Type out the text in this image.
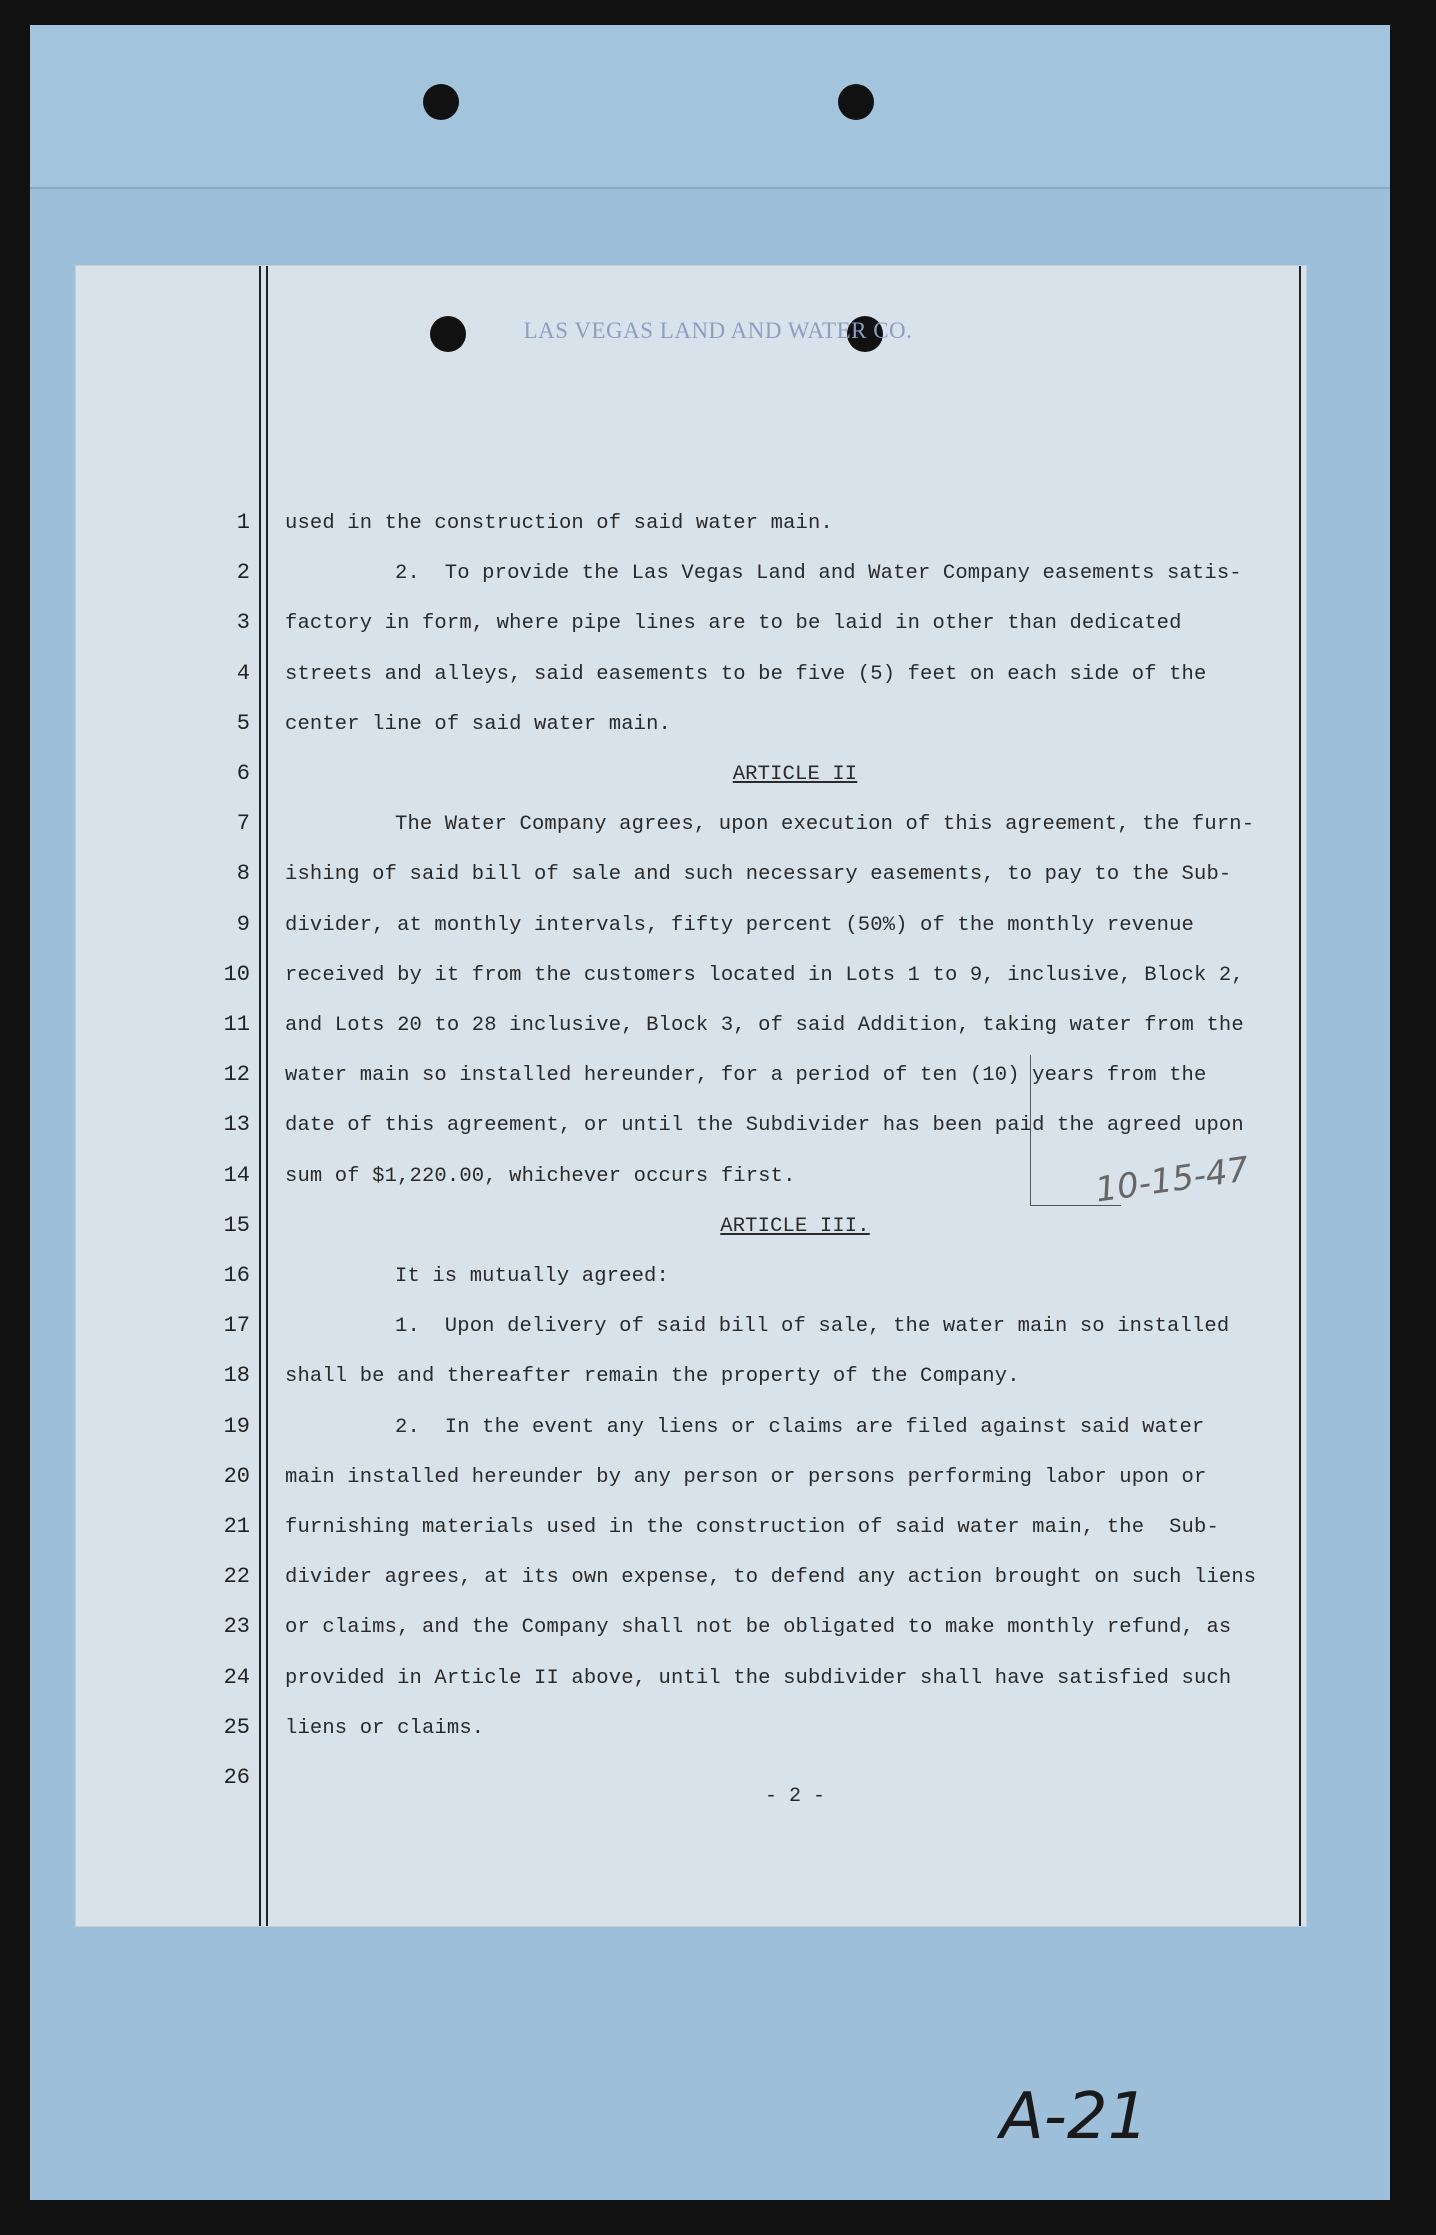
LAS VEGAS LAND AND WATER CO.
1
2
3
4
5
6
7
8
9
10
11
12
13
14
15
16
17
18
19
20
21
22
23
24
25
26
used in the construction of said water main.
2.  To provide the Las Vegas Land and Water Company easements satis-
factory in form, where pipe lines are to be laid in other than dedicated
streets and alleys, said easements to be five (5) feet on each side of the
center line of said water main.
ARTICLE II
The Water Company agrees, upon execution of this agreement, the furn-
ishing of said bill of sale and such necessary easements, to pay to the Sub-
divider, at monthly intervals, fifty percent (50%) of the monthly revenue
received by it from the customers located in Lots 1 to 9, inclusive, Block 2,
and Lots 20 to 28 inclusive, Block 3, of said Addition, taking water from the
water main so installed hereunder, for a period of ten (10) years from the
date of this agreement, or until the Subdivider has been paid the agreed upon
sum of $1,220.00, whichever occurs first.
ARTICLE III.
It is mutually agreed:
1.  Upon delivery of said bill of sale, the water main so installed
shall be and thereafter remain the property of the Company.
2.  In the event any liens or claims are filed against said water
main installed hereunder by any person or persons performing labor upon or
furnishing materials used in the construction of said water main, the  Sub-
divider agrees, at its own expense, to defend any action brought on such liens
or claims, and the Company shall not be obligated to make monthly refund, as
provided in Article II above, until the subdivider shall have satisfied such
liens or claims.
- 2 -
10-15-47
A-21
